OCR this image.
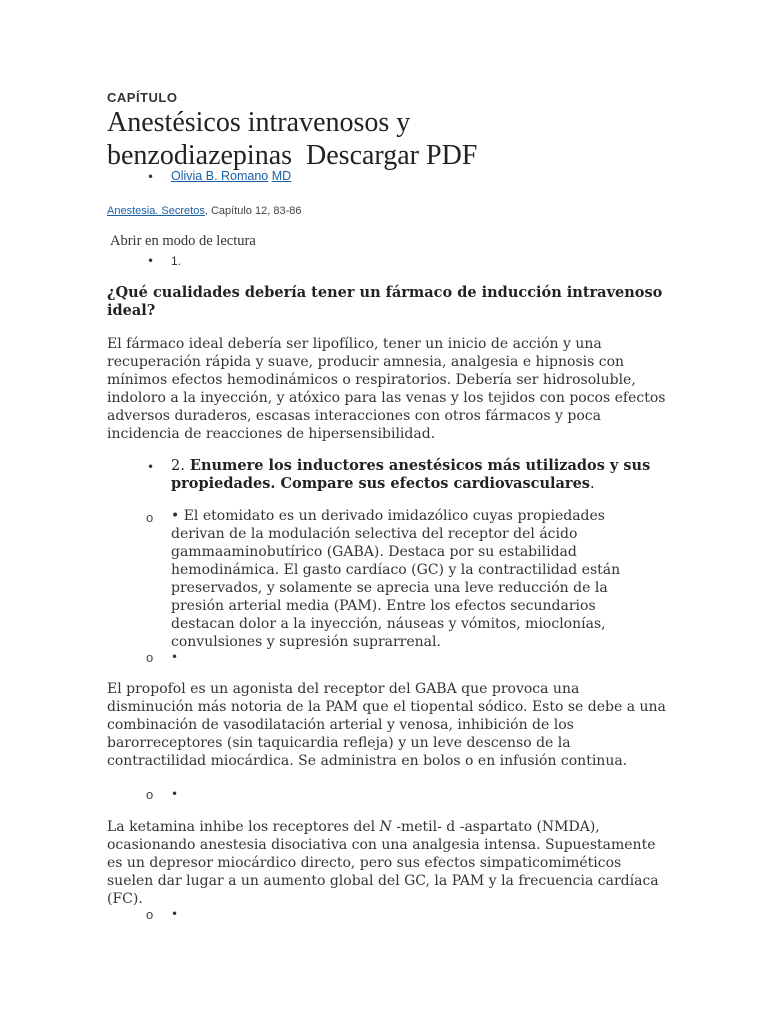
CAPÍTULO
Anestésicos intravenosos y
benzodiazepinas Descargar PDF
• Olivia B. Romano MD
Anestesia. Secretos, Capítulo 12, 83-86
Abrir en modo de lectura
• 1.
¿Qué cualidades debería tener un fármaco de inducción intravenoso ideal?
El fármaco ideal debería ser lipofílico, tener un inicio de acción y una recuperación rápida y suave, producir amnesia, analgesia e hipnosis con mínimos efectos hemodinámicos o respiratorios. Debería ser hidrosoluble, indoloro a la inyección, y atóxico para las venas y los tejidos con pocos efectos adversos duraderos, escasas interacciones con otros fármacos y poca incidencia de reacciones de hipersensibilidad.
• 2. Enumere los inductores anestésicos más utilizados y sus propiedades. Compare sus efectos cardiovasculares.
o • El etomidato es un derivado imidazólico cuyas propiedades derivan de la modulación selectiva del receptor del ácido gammaaminobutírico (GABA). Destaca por su estabilidad hemodinámica. El gasto cardíaco (GC) y la contractilidad están preservados, y solamente se aprecia una leve reducción de la presión arterial media (PAM). Entre los efectos secundarios destacan dolor a la inyección, náuseas y vómitos, mioclonías, convulsiones y supresión suprarrenal.
o •
El propofol es un agonista del receptor del GABA que provoca una disminución más notoria de la PAM que el tiopental sódico. Esto se debe a una combinación de vasodilatación arterial y venosa, inhibición de los barorreceptores (sin taquicardia refleja) y un leve descenso de la contractilidad miocárdica. Se administra en bolos o en infusión continua.
o •
La ketamina inhibe los receptores del N -metil- d -aspartato (NMDA), ocasionando anestesia disociativa con una analgesia intensa. Supuestamente es un depresor miocárdico directo, pero sus efectos simpaticomiméticos suelen dar lugar a un aumento global del GC, la PAM y la frecuencia cardíaca (FC).
o •
